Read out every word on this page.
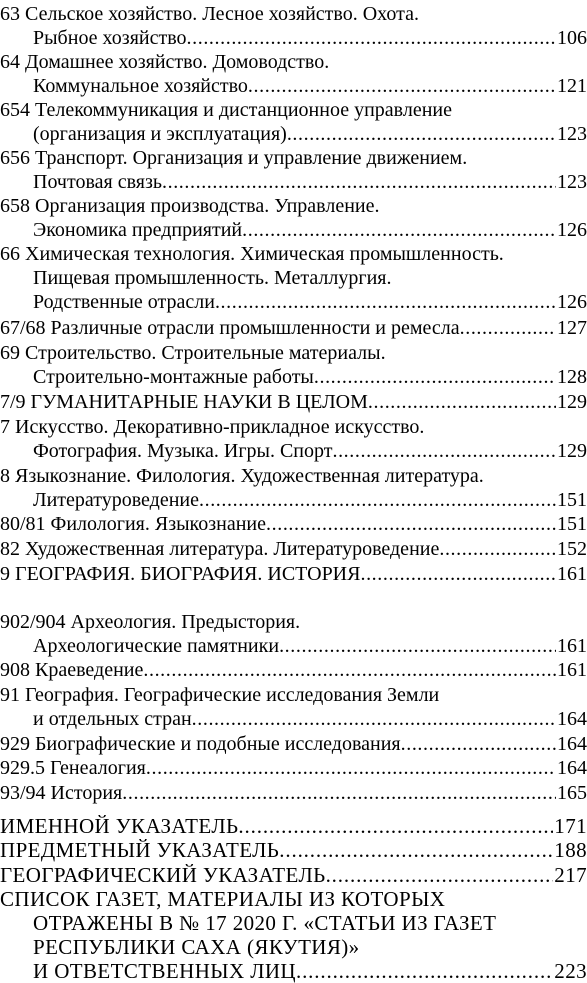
63 Сельское хозяйство. Лесное хозяйство. Охота.
Рыбное хозяйство . . .	106
64 Домашнее хозяйство. Домоводство.
Коммунальное хозяйство . . .	121
654 Телекоммуникация и дистанционное управление
(организация и эксплуатация) . . .	123
656 Транспорт. Организация и управление движением.
Почтовая связь . . .	123
658 Организация производства. Управление.
Экономика предприятий . . .	126
66 Химическая технология. Химическая промышленность.
Пищевая промышленность. Металлургия.
Родственные отрасли . . .	126
67/68 Различные отрасли промышленности и ремесла . . .	127
69 Строительство. Строительные материалы.
Строительно-монтажные работы . . .	128
7/9 ГУМАНИТАРНЫЕ НАУКИ В ЦЕЛОМ . . .	129
7 Искусство. Декоративно-прикладное искусство.
Фотография. Музыка. Игры. Спорт . . .	129
8 Языкознание. Филология. Художественная литература.
Литературоведение . . .	151
80/81 Филология. Языкознание . . .	151
82 Художественная литература. Литературоведение . . .	152
9 ГЕОГРАФИЯ. БИОГРАФИЯ. ИСТОРИЯ . . .	161
902/904 Археология. Предыстория.
Археологические памятники . . .	161
908 Краеведение . . .	161
91 География. Географические исследования Земли
и отдельных стран . . .	164
929 Биографические и подобные исследования . . .	164
929.5 Генеалогия . . .	164
93/94 История . . .	165
ИМЕННОЙ УКАЗАТЕЛЬ . . .	171
ПРЕДМЕТНЫЙ УКАЗАТЕЛЬ . . .	188
ГЕОГРАФИЧЕСКИЙ УКАЗАТЕЛЬ . . .	217
СПИСОК ГАЗЕТ, МАТЕРИАЛЫ ИЗ КОТОРЫХ
ОТРАЖЕНЫ В № 17 2020 Г. «СТАТЬИ ИЗ ГАЗЕТ
РЕСПУБЛИКИ САХА (ЯКУТИЯ)»
И ОТВЕТСТВЕННЫХ ЛИЦ . . .	223
